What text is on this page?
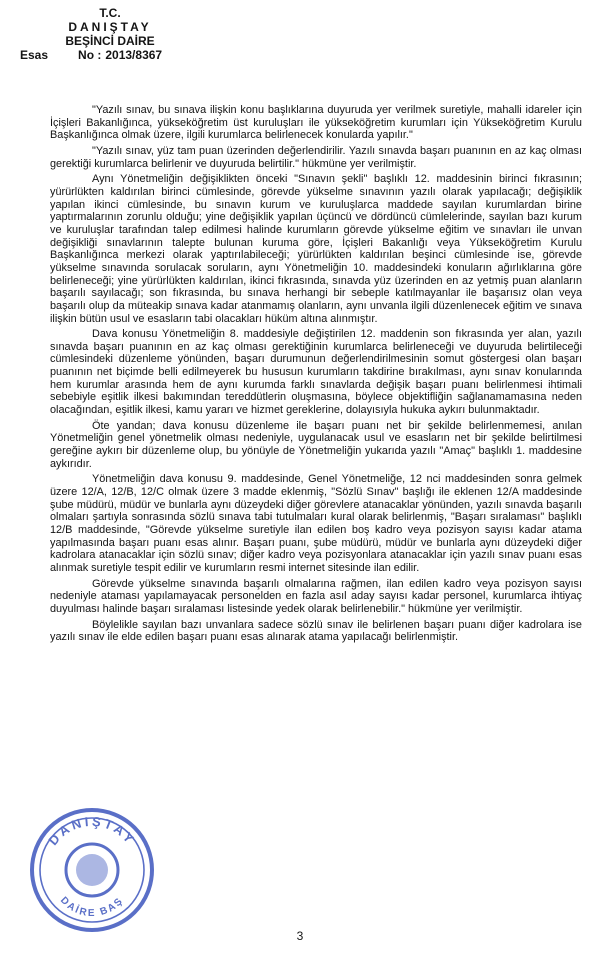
T.C.
DANIŞTAY
BEŞİNCİ DAİRE
Esas	No : 2013/8367

"Yazılı sınav, bu sınava ilişkin konu başlıklarına duyuruda yer verilmek suretiyle, mahalli idareler için İçişleri Bakanlığınca, yükseköğretim üst kuruluşları ile yükseköğretim kurumları için Yükseköğretim Kurulu Başkanlığınca olmak üzere, ilgili kurumlarca belirlenecek konularda yapılır."

"Yazılı sınav, yüz tam puan üzerinden değerlendirilir. Yazılı sınavda başarı puanının en az kaç olması gerektiği kurumlarca belirlenir ve duyuruda belirtilir." hükmüne yer verilmiştir.

Aynı Yönetmeliğin değişiklikten önceki "Sınavın şekli" başlıklı 12. maddesinin birinci fıkrasının; yürürlükten kaldırılan birinci cümlesinde, görevde yükselme sınavının yazılı olarak yapılacağı; değişiklik yapılan ikinci cümlesinde, bu sınavın kurum ve kuruluşlarca maddede sayılan kurumlardan birine yaptırmalarının zorunlu olduğu; yine değişiklik yapılan üçüncü ve dördüncü cümlelerinde, sayılan bazı kurum ve kuruluşlar tarafından talep edilmesi halinde kurumların görevde yükselme eğitim ve sınavları ile unvan değişikliği sınavlarının talepte bulunan kuruma göre, İçişleri Bakanlığı veya Yükseköğretim Kurulu Başkanlığınca merkezi olarak yaptırılabileceği; yürürlükten kaldırılan beşinci cümlesinde ise, görevde yükselme sınavında sorulacak soruların, aynı Yönetmeliğin 10. maddesindeki konuların ağırlıklarına göre belirleneceği; yine yürürlükten kaldırılan, ikinci fıkrasında, sınavda yüz üzerinden en az yetmiş puan alanların başarılı sayılacağı; son fıkrasında, bu sınava herhangi bir sebeple katılmayanlar ile başarısız olan veya başarılı olup da müteakip sınava kadar atanmamış olanların, aynı unvanla ilgili düzenlenecek eğitim ve sınava ilişkin bütün usul ve esasların tabi olacakları hüküm altına alınmıştır.

Dava konusu Yönetmeliğin 8. maddesiyle değiştirilen 12. maddenin son fıkrasında yer alan, yazılı sınavda başarı puanının en az kaç olması gerektiğinin kurumlarca belirleneceği ve duyuruda belirtileceği cümlesindeki düzenleme yönünden, başarı durumunun değerlendirilmesinin somut göstergesi olan başarı puanının net biçimde belli edilmeyerek bu hususun kurumların takdirine bırakılması, aynı sınav konularında hem kurumlar arasında hem de aynı kurumda farklı sınavlarda değişik başarı puanı belirlenmesi ihtimali sebebiyle eşitlik ilkesi bakımından tereddütlerin oluşmasına, böylece objektifliğin sağlanamamasına neden olacağından, eşitlik ilkesi, kamu yararı ve hizmet gereklerine, dolayısıyla hukuka aykırı bulunmaktadır.

Öte yandan; dava konusu düzenleme ile başarı puanı net bir şekilde belirlenmemesi, anılan Yönetmeliğin genel yönetmelik olması nedeniyle, uygulanacak usul ve esasların net bir şekilde belirtilmesi gereğine aykırı bir düzenleme olup, bu yönüyle de Yönetmeliğin yukarıda yazılı "Amaç" başlıklı 1. maddesine aykırıdır.

Yönetmeliğin dava konusu 9. maddesinde, Genel Yönetmeliğe, 12 nci maddesinden sonra gelmek üzere 12/A, 12/B, 12/C olmak üzere 3 madde eklenmiş, "Sözlü Sınav" başlığı ile eklenen 12/A maddesinde şube müdürü, müdür ve bunlarla aynı düzeydeki diğer görevlere atanacaklar yönünden, yazılı sınavda başarılı olmaları şartıyla sonrasında sözlü sınava tabi tutulmaları kural olarak belirlenmiş, "Başarı sıralaması" başlıklı 12/B maddesinde, "Görevde yükselme suretiyle ilan edilen boş kadro veya pozisyon sayısı kadar atama yapılmasında başarı puanı esas alınır. Başarı puanı, şube müdürü, müdür ve bunlarla aynı düzeydeki diğer kadrolara atanacaklar için sözlü sınav; diğer kadro veya pozisyonlara atanacaklar için yazılı sınav puanı esas alınmak suretiyle tespit edilir ve kurumların resmi internet sitesinde ilan edilir.

Görevde yükselme sınavında başarılı olmalarına rağmen, ilan edilen kadro veya pozisyon sayısı nedeniyle ataması yapılamayacak personelden en fazla asıl aday sayısı kadar personel, kurumlarca ihtiyaç duyulması halinde başarı sıralaması listesinde yedek olarak belirlenebilir." hükmüne yer verilmiştir.

Böylelikle sayılan bazı unvanlara sadece sözlü sınav ile belirlenen başarı puanı diğer kadrolara ise yazılı sınav ile elde edilen başarı puanı esas alınarak atama yapılacağı belirlenmiştir.

DANIŞTAY
DAİRE BAŞ
3
